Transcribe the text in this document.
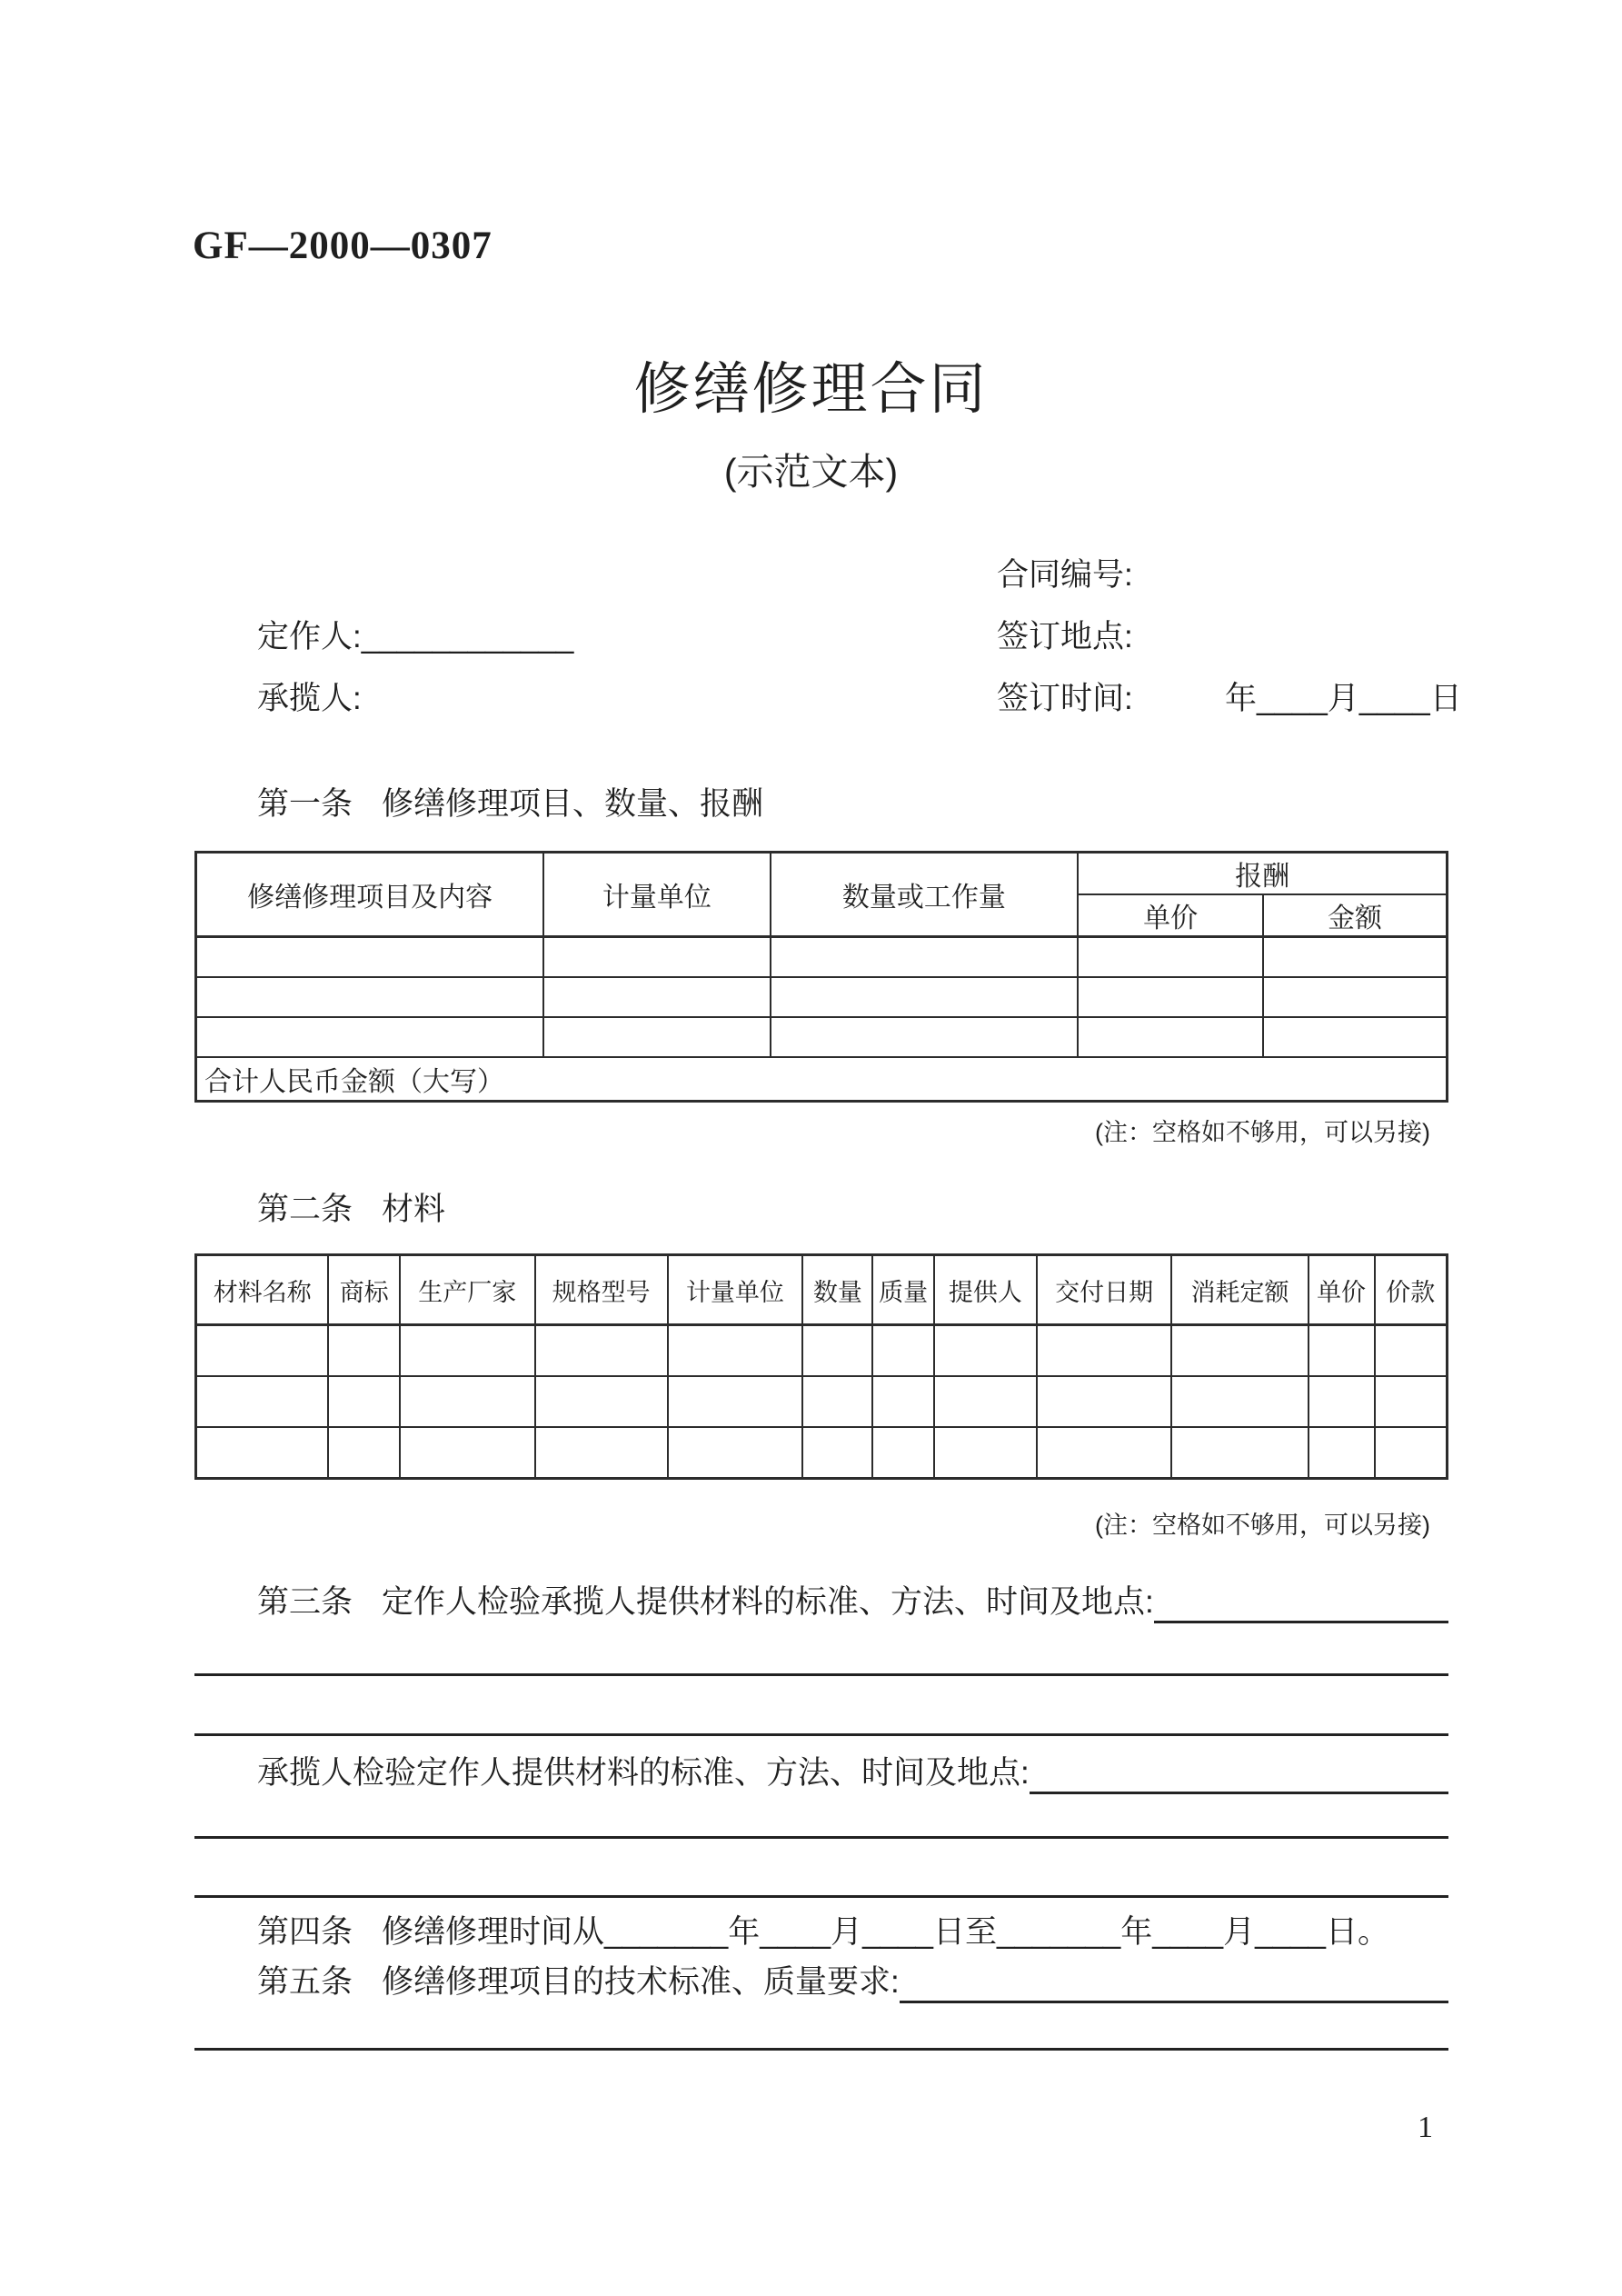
GF—2000—0307
修缮修理合同
(示范文本)
合同编号:
定作人:____________	签订地点:
承揽人:	签订时间:	年____月____日
第一条 修缮修理项目、数量、报酬
修缮修理项目及内容	计量单位	数量或工作量	报酬	
			单价	金额

合计人民币金额（大写）				
(注：空格如不够用，可以另接)
第二条 材料
材料名称	商标	生产厂家	规格型号	计量单位	数量	质量	提供人	交付日期	消耗定额	单价	价款

(注：空格如不够用，可以另接)
第三条 定作人检验承揽人提供材料的标准、方法、时间及地点:
承揽人检验定作人提供材料的标准、方法、时间及地点:
第四条 修缮修理时间从_______年____月____日至_______年____月____日。
第五条 修缮修理项目的技术标准、质量要求:
1
